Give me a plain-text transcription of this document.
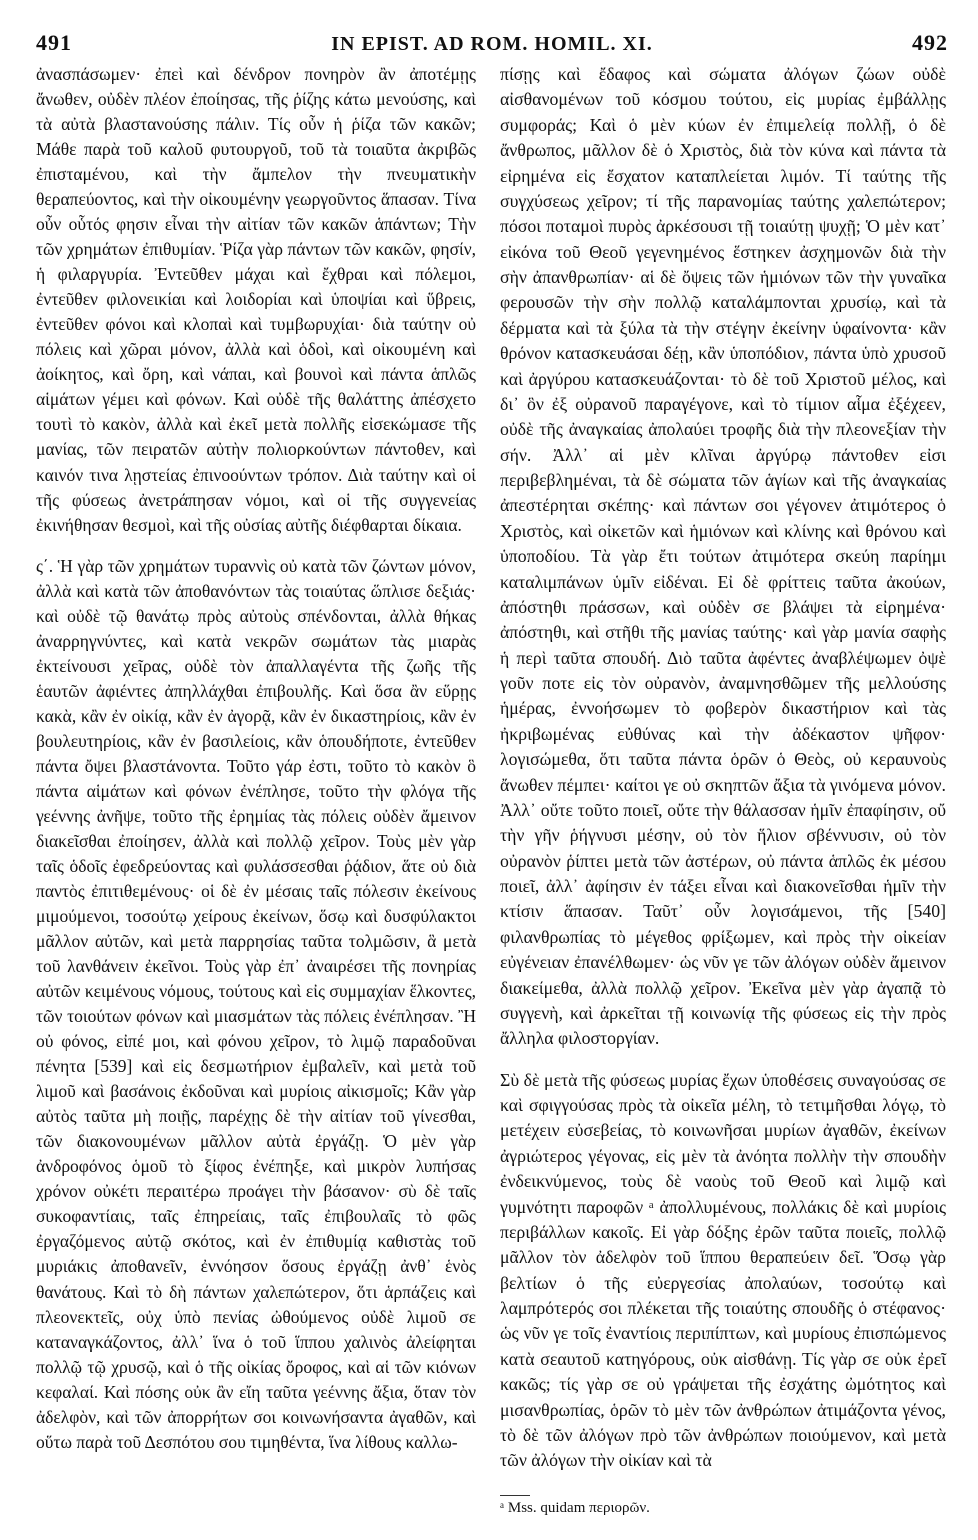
491	IN EPIST. AD ROM. HOMIL. XI.	492

ἀνασπάσωμεν· ἐπεὶ καὶ δένδρον πονηρὸν ἂν ἀποτέμῃς ἄνωθεν, οὐδὲν πλέον ἐποίησας, τῆς ῥίζης κάτω μενούσης, καὶ τὰ αὐτὰ βλαστανούσης πάλιν. Τίς οὖν ἡ ῥίζα τῶν κακῶν; Μάθε παρὰ τοῦ καλοῦ φυτουργοῦ, τοῦ τὰ τοιαῦτα ἀκριβῶς ἐπισταμένου, καὶ τὴν ἄμπελον τὴν πνευματικὴν θεραπεύοντος, καὶ τὴν οἰκουμένην γεωργοῦντος ἅπασαν. Τίνα οὖν οὗτός φησιν εἶναι τὴν αἰτίαν τῶν κακῶν ἁπάντων; Τὴν τῶν χρημάτων ἐπιθυμίαν. Ῥίζα γὰρ πάντων τῶν κακῶν, φησίν, ἡ φιλαργυρία. Ἐντεῦθεν μάχαι καὶ ἔχθραι καὶ πόλεμοι, ἐντεῦθεν φιλονεικίαι καὶ λοιδορίαι καὶ ὑποψίαι καὶ ὕβρεις, ἐντεῦθεν φόνοι καὶ κλοπαὶ καὶ τυμβωρυχίαι· διὰ ταύτην οὐ πόλεις καὶ χῶραι μόνον, ἀλλὰ καὶ ὁδοὶ, καὶ οἰκουμένη καὶ ἀοίκητος, καὶ ὄρη, καὶ νάπαι, καὶ βουνοὶ καὶ πάντα ἁπλῶς αἱμάτων γέμει καὶ φόνων. Καὶ οὐδὲ τῆς θαλάττης ἀπέσχετο τουτὶ τὸ κακὸν, ἀλλὰ καὶ ἐκεῖ μετὰ πολλῆς εἰσεκώμασε τῆς μανίας, τῶν πειρατῶν αὐτὴν πολιορκούντων πάντοθεν, καὶ καινόν τινα λῃστείας ἐπινοούντων τρόπον. Διὰ ταύτην καὶ οἱ τῆς φύσεως ἀνετράπησαν νόμοι, καὶ οἱ τῆς συγγενείας ἐκινήθησαν θεσμοὶ, καὶ τῆς οὐσίας αὐτῆς διέφθαρται δίκαια.

ς΄. Ἡ γὰρ τῶν χρημάτων τυραννὶς οὐ κατὰ τῶν ζώντων μόνον, ἀλλὰ καὶ κατὰ τῶν ἀποθανόντων τὰς τοιαύτας ὥπλισε δεξιάς· καὶ οὐδὲ τῷ θανάτῳ πρὸς αὐτοὺς σπένδονται, ἀλλὰ θήκας ἀναρρηγνύντες, καὶ κατὰ νεκρῶν σωμάτων τὰς μιαρὰς ἐκτείνουσι χεῖρας, οὐδὲ τὸν ἀπαλλαγέντα τῆς ζωῆς τῆς ἑαυτῶν ἀφιέντες ἀπηλλάχθαι ἐπιβουλῆς. Καὶ ὅσα ἂν εὕρῃς κακὰ, κἂν ἐν οἰκίᾳ, κἂν ἐν ἀγορᾷ, κἂν ἐν δικαστηρίοις, κἂν ἐν βουλευτηρίοις, κἂν ἐν βασιλείοις, κἂν ὁπουδήποτε, ἐντεῦθεν πάντα ὄψει βλαστάνοντα. Τοῦτο γάρ ἐστι, τοῦτο τὸ κακὸν ὃ πάντα αἱμάτων καὶ φόνων ἐνέπλησε, τοῦτο τὴν φλόγα τῆς γεέννης ἀνῆψε, τοῦτο τῆς ἐρημίας τὰς πόλεις οὐδὲν ἄμεινον διακεῖσθαι ἐποίησεν, ἀλλὰ καὶ πολλῷ χεῖρον. Τοὺς μὲν γὰρ ταῖς ὁδοῖς ἐφεδρεύοντας καὶ φυλάσσεσθαι ῥᾴδιον, ἅτε οὐ διὰ παντὸς ἐπιτιθεμένους· οἱ δὲ ἐν μέσαις ταῖς πόλεσιν ἐκείνους μιμούμενοι, τοσούτῳ χείρους ἐκείνων, ὅσῳ καὶ δυσφύλακτοι μᾶλλον αὐτῶν, καὶ μετὰ παρρησίας ταῦτα τολμῶσιν, ἃ μετὰ τοῦ λανθάνειν ἐκεῖνοι. Τοὺς γὰρ ἐπ᾽ ἀναιρέσει τῆς πονηρίας αὐτῶν κειμένους νόμους, τούτους καὶ εἰς συμμαχίαν ἕλκοντες, τῶν τοιούτων φόνων καὶ μιασμάτων τὰς πόλεις ἐνέπλησαν. Ἢ οὐ φόνος, εἰπέ μοι, καὶ φόνου χεῖρον, τὸ λιμῷ παραδοῦναι πένητα [539] καὶ εἰς δεσμωτήριον ἐμβαλεῖν, καὶ μετὰ τοῦ λιμοῦ καὶ βασάνοις ἐκδοῦναι καὶ μυρίοις αἰκισμοῖς; Κἂν γὰρ αὐτὸς ταῦτα μὴ ποιῇς, παρέχῃς δὲ τὴν αἰτίαν τοῦ γίνεσθαι, τῶν διακονουμένων μᾶλλον αὐτὰ ἐργάζῃ. Ὁ μὲν γὰρ ἀνδροφόνος ὁμοῦ τὸ ξίφος ἐνέπηξε, καὶ μικρὸν λυπήσας χρόνον οὐκέτι περαιτέρω προάγει τὴν βάσανον· σὺ δὲ ταῖς συκοφαντίαις, ταῖς ἐπηρείαις, ταῖς ἐπιβουλαῖς τὸ φῶς ἐργαζόμενος αὐτῷ σκότος, καὶ ἐν ἐπιθυμίᾳ καθιστὰς τοῦ μυριάκις ἀποθανεῖν, ἐννόησον ὅσους ἐργάζῃ ἀνθ᾽ ἑνὸς θανάτους. Καὶ τὸ δὴ πάντων χαλεπώτερον, ὅτι ἁρπάζεις καὶ πλεονεκτεῖς, οὐχ ὑπὸ πενίας ὠθούμενος οὐδὲ λιμοῦ σε καταναγκάζοντος, ἀλλ᾽ ἵνα ὁ τοῦ ἵππου χαλινὸς ἀλείφηται πολλῷ τῷ χρυσῷ, καὶ ὁ τῆς οἰκίας ὄροφος, καὶ αἱ τῶν κιόνων κεφαλαί. Καὶ πόσης οὐκ ἂν εἴη ταῦτα γεέννης ἄξια, ὅταν τὸν ἀδελφὸν, καὶ τῶν ἀπορρήτων σοι κοινωνήσαντα ἀγαθῶν, καὶ οὕτω παρὰ τοῦ Δεσπότου σου τιμηθέντα, ἵνα λίθους καλλω-

πίσῃς καὶ ἔδαφος καὶ σώματα ἀλόγων ζώων οὐδὲ αἰσθανομένων τοῦ κόσμου τούτου, εἰς μυρίας ἐμβάλλῃς συμφοράς; Καὶ ὁ μὲν κύων ἐν ἐπιμελείᾳ πολλῇ, ὁ δὲ ἄνθρωπος, μᾶλλον δὲ ὁ Χριστὸς, διὰ τὸν κύνα καὶ πάντα τὰ εἰρημένα εἰς ἔσχατον καταπλείεται λιμόν. Τί ταύτης τῆς συγχύσεως χεῖρον; τί τῆς παρανομίας ταύτης χαλεπώτερον; πόσοι ποταμοὶ πυρὸς ἀρκέσουσι τῇ τοιαύτῃ ψυχῇ; Ὁ μὲν κατ᾽ εἰκόνα τοῦ Θεοῦ γεγενημένος ἕστηκεν ἀσχημονῶν διὰ τὴν σὴν ἀπανθρωπίαν· αἱ δὲ ὄψεις τῶν ἡμιόνων τῶν τὴν γυναῖκα φερουσῶν τὴν σὴν πολλῷ καταλάμπονται χρυσίῳ, καὶ τὰ δέρματα καὶ τὰ ξύλα τὰ τὴν στέγην ἐκείνην ὑφαίνοντα· κἂν θρόνον κατασκευάσαι δέῃ, κἂν ὑποπόδιον, πάντα ὑπὸ χρυσοῦ καὶ ἀργύρου κατασκευάζονται· τὸ δὲ τοῦ Χριστοῦ μέλος, καὶ δι᾽ ὃν ἐξ οὐρανοῦ παραγέγονε, καὶ τὸ τίμιον αἷμα ἐξέχεεν, οὐδὲ τῆς ἀναγκαίας ἀπολαύει τροφῆς διὰ τὴν πλεονεξίαν τὴν σήν. Ἀλλ᾽ αἱ μὲν κλῖναι ἀργύρῳ πάντοθεν εἰσι περιβεβλημέναι, τὰ δὲ σώματα τῶν ἁγίων καὶ τῆς ἀναγκαίας ἀπεστέρηται σκέπης· καὶ πάντων σοι γέγονεν ἀτιμότερος ὁ Χριστὸς, καὶ οἰκετῶν καὶ ἡμιόνων καὶ κλίνης καὶ θρόνου καὶ ὑποποδίου. Τὰ γὰρ ἔτι τούτων ἀτιμότερα σκεύη παρίημι καταλιμπάνων ὑμῖν εἰδέναι. Εἰ δὲ φρίττεις ταῦτα ἀκούων, ἀπόστηθι πράσσων, καὶ οὐδὲν σε βλάψει τὰ εἰρημένα· ἀπόστηθι, καὶ στῆθι τῆς μανίας ταύτης· καὶ γὰρ μανία σαφὴς ἡ περὶ ταῦτα σπουδή. Διὸ ταῦτα ἀφέντες ἀναβλέψωμεν ὀψὲ γοῦν ποτε εἰς τὸν οὐρανὸν, ἀναμνησθῶμεν τῆς μελλούσης ἡμέρας, ἐννοήσωμεν τὸ φοβερὸν δικαστήριον καὶ τὰς ἠκριβωμένας εὐθύνας καὶ τὴν ἀδέκαστον ψῆφον· λογισώμεθα, ὅτι ταῦτα πάντα ὁρῶν ὁ Θεὸς, οὐ κεραυνοὺς ἄνωθεν πέμπει· καίτοι γε οὐ σκηπτῶν ἄξια τὰ γινόμενα μόνον. Ἀλλ᾽ οὔτε τοῦτο ποιεῖ, οὔτε τὴν θάλασσαν ἡμῖν ἐπαφίησιν, οὔ τὴν γῆν ῥήγνυσι μέσην, οὐ τὸν ἥλιον σβέννυσιν, οὐ τὸν οὐρανὸν ῥίπτει μετὰ τῶν ἀστέρων, οὐ πάντα ἁπλῶς ἐκ μέσου ποιεῖ, ἀλλ᾽ ἀφίησιν ἐν τάξει εἶναι καὶ διακονεῖσθαι ἡμῖν τὴν κτίσιν ἅπασαν. Ταῦτ᾽ οὖν λογισάμενοι, τῆς [540] φιλανθρωπίας τὸ μέγεθος φρίξωμεν, καὶ πρὸς τὴν οἰκείαν εὐγένειαν ἐπανέλθωμεν· ὡς νῦν γε τῶν ἀλόγων οὐδὲν ἄμεινον διακείμεθα, ἀλλὰ πολλῷ χεῖρον. Ἐκεῖνα μὲν γὰρ ἀγαπᾷ τὸ συγγενὴ, καὶ ἀρκεῖται τῇ κοινωνίᾳ τῆς φύσεως εἰς τὴν πρὸς ἄλληλα φιλοστοργίαν.

Σὺ δὲ μετὰ τῆς φύσεως μυρίας ἔχων ὑποθέσεις συναγούσας σε καὶ σφιγγούσας πρὸς τὰ οἰκεῖα μέλη, τὸ τετιμῆσθαι λόγῳ, τὸ μετέχειν εὐσεβείας, τὸ κοινωνῆσαι μυρίων ἀγαθῶν, ἐκείνων ἀγριώτερος γέγονας, εἰς μὲν τὰ ἀνόητα πολλὴν τὴν σπουδὴν ἐνδεικνύμενος, τοὺς δὲ ναοὺς τοῦ Θεοῦ καὶ λιμῷ καὶ γυμνότητι παροφῶν ᵃ ἀπολλυμένους, πολλάκις δὲ καὶ μυρίοις περιβάλλων κακοῖς. Εἰ γὰρ δόξης ἐρῶν ταῦτα ποιεῖς, πολλῷ μᾶλλον τὸν ἀδελφὸν τοῦ ἵππου θεραπεύειν δεῖ. Ὅσῳ γὰρ βελτίων ὁ τῆς εὐεργεσίας ἀπολαύων, τοσούτῳ καὶ λαμπρότερός σοι πλέκεται τῆς τοιαύτης σπουδῆς ὁ στέφανος· ὡς νῦν γε τοῖς ἐναντίοις περιπίπτων, καὶ μυρίους ἐπισπώμενος κατὰ σεαυτοῦ κατηγόρους, οὐκ αἰσθάνῃ. Τίς γὰρ σε οὐκ ἐρεῖ κακῶς; τίς γὰρ σε οὐ γράψεται τῆς ἐσχάτης ὠμότητος καὶ μισανθρωπίας, ὁρῶν τὸ μὲν τῶν ἀνθρώπων ἀτιμάζοντα γένος, τὸ δὲ τῶν ἀλόγων πρὸ τῶν ἀνθρώπων ποιούμενον, καὶ μετὰ τῶν ἀλόγων τὴν οἰκίαν καὶ τὰ

ᵃ Mss. quidam περιορῶν.
